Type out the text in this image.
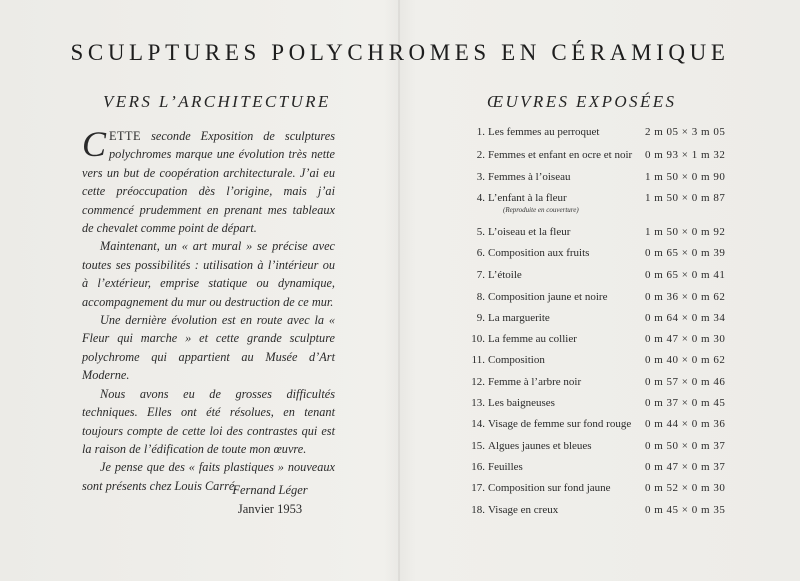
SCULPTURES POLYCHROMES EN CÉRAMIQUE
VERS L’ARCHITECTURE	ŒUVRES EXPOSÉES

CETTE seconde Exposition de sculptures polychromes marque une évolution très nette vers un but de coopération architecturale. J’ai eu cette préoccupation dès l’origine, mais j’ai commencé prudemment en prenant mes tableaux de chevalet comme point de départ.

Maintenant, un « art mural » se précise avec toutes ses possibilités : utilisation à l’intérieur ou à l’extérieur, emprise statique ou dynamique, accompagnement du mur ou destruction de ce mur.

Une dernière évolution est en route avec la « Fleur qui marche » et cette grande sculpture polychrome qui appartient au Musée d’Art Moderne.

Nous avons eu de grosses difficultés techniques. Elles ont été résolues, en tenant toujours compte de cette loi des contrastes qui est la raison de l’édification de toute mon œuvre.

Je pense que des « faits plastiques » nouveaux sont présents chez Louis Carré.

Fernand Léger
Janvier 1953
1. Les femmes au perroquet	2 m 05 × 3 m 05
2. Femmes et enfant en ocre et noir 0 m 93 × 1 m 32
3. Femmes à l’oiseau	1 m 50 × 0 m 90
4. L’enfant à la fleur	1 m 50 × 0 m 87
(Reproduite en couverture)
5. L’oiseau et la fleur	1 m 50 × 0 m 92
6. Composition aux fruits	0 m 65 × 0 m 39
7. L’étoile	0 m 65 × 0 m 41
8. Composition jaune et noire	0 m 36 × 0 m 62
9. La marguerite	0 m 64 × 0 m 34
10. La femme au collier	0 m 47 × 0 m 30
11. Composition	0 m 40 × 0 m 62
12. Femme à l’arbre noir	0 m 57 × 0 m 46
13. Les baigneuses	0 m 37 × 0 m 45
14. Visage de femme sur fond rouge 0 m 44 × 0 m 36
15. Algues jaunes et bleues	0 m 50 × 0 m 37
16. Feuilles	0 m 47 × 0 m 37
17. Composition sur fond jaune	0 m 52 × 0 m 30
18. Visage en creux	0 m 45 × 0 m 35
